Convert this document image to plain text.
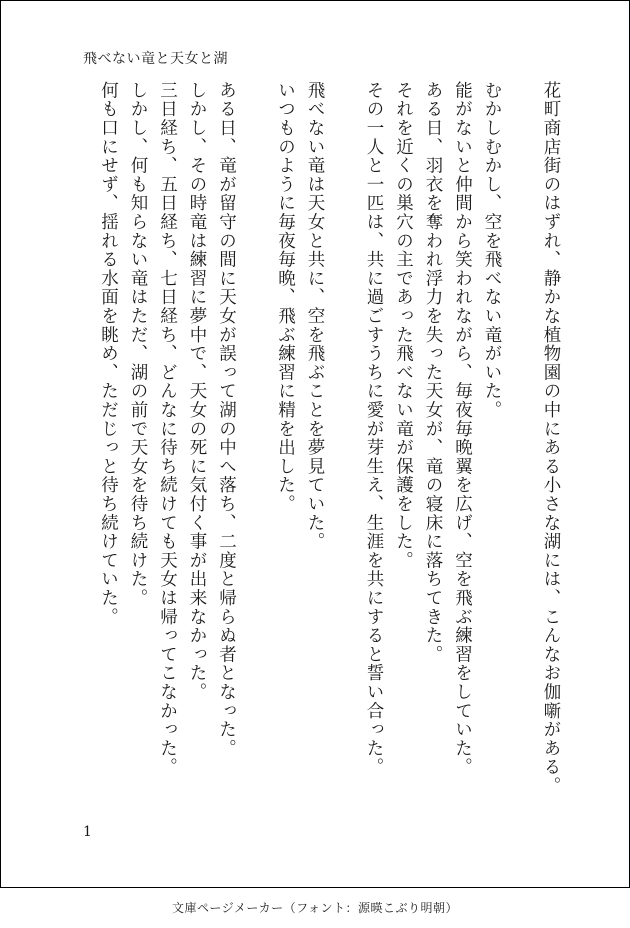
飛べない竜と天女と湖
花町商店街のはずれ、静かな植物園の中にある小さな湖には、こんなお伽噺がある。
むかしむかし、空を飛べない竜がいた。
能がないと仲間から笑われながら、毎夜毎晩翼を広げ、空を飛ぶ練習をしていた。
ある日、羽衣を奪われ浮力を失った天女が、竜の寝床に落ちてきた。
それを近くの巣穴の主であった飛べない竜が保護をした。
その一人と一匹は、共に過ごすうちに愛が芽生え、生涯を共にすると誓い合った。
飛べない竜は天女と共に、空を飛ぶことを夢見ていた。
いつものように毎夜毎晩、飛ぶ練習に精を出した。
ある日、竜が留守の間に天女が誤って湖の中へ落ち、二度と帰らぬ者となった。
しかし、その時竜は練習に夢中で、天女の死に気付く事が出来なかった。
三日経ち、五日経ち、七日経ち、どんなに待ち続けても天女は帰ってこなかった。
しかし、何も知らない竜はただ、湖の前で天女を待ち続けた。
何も口にせず、揺れる水面を眺め、ただじっと待ち続けていた。
1
文庫ページメーカー（フォント：源暎こぶり明朝）
